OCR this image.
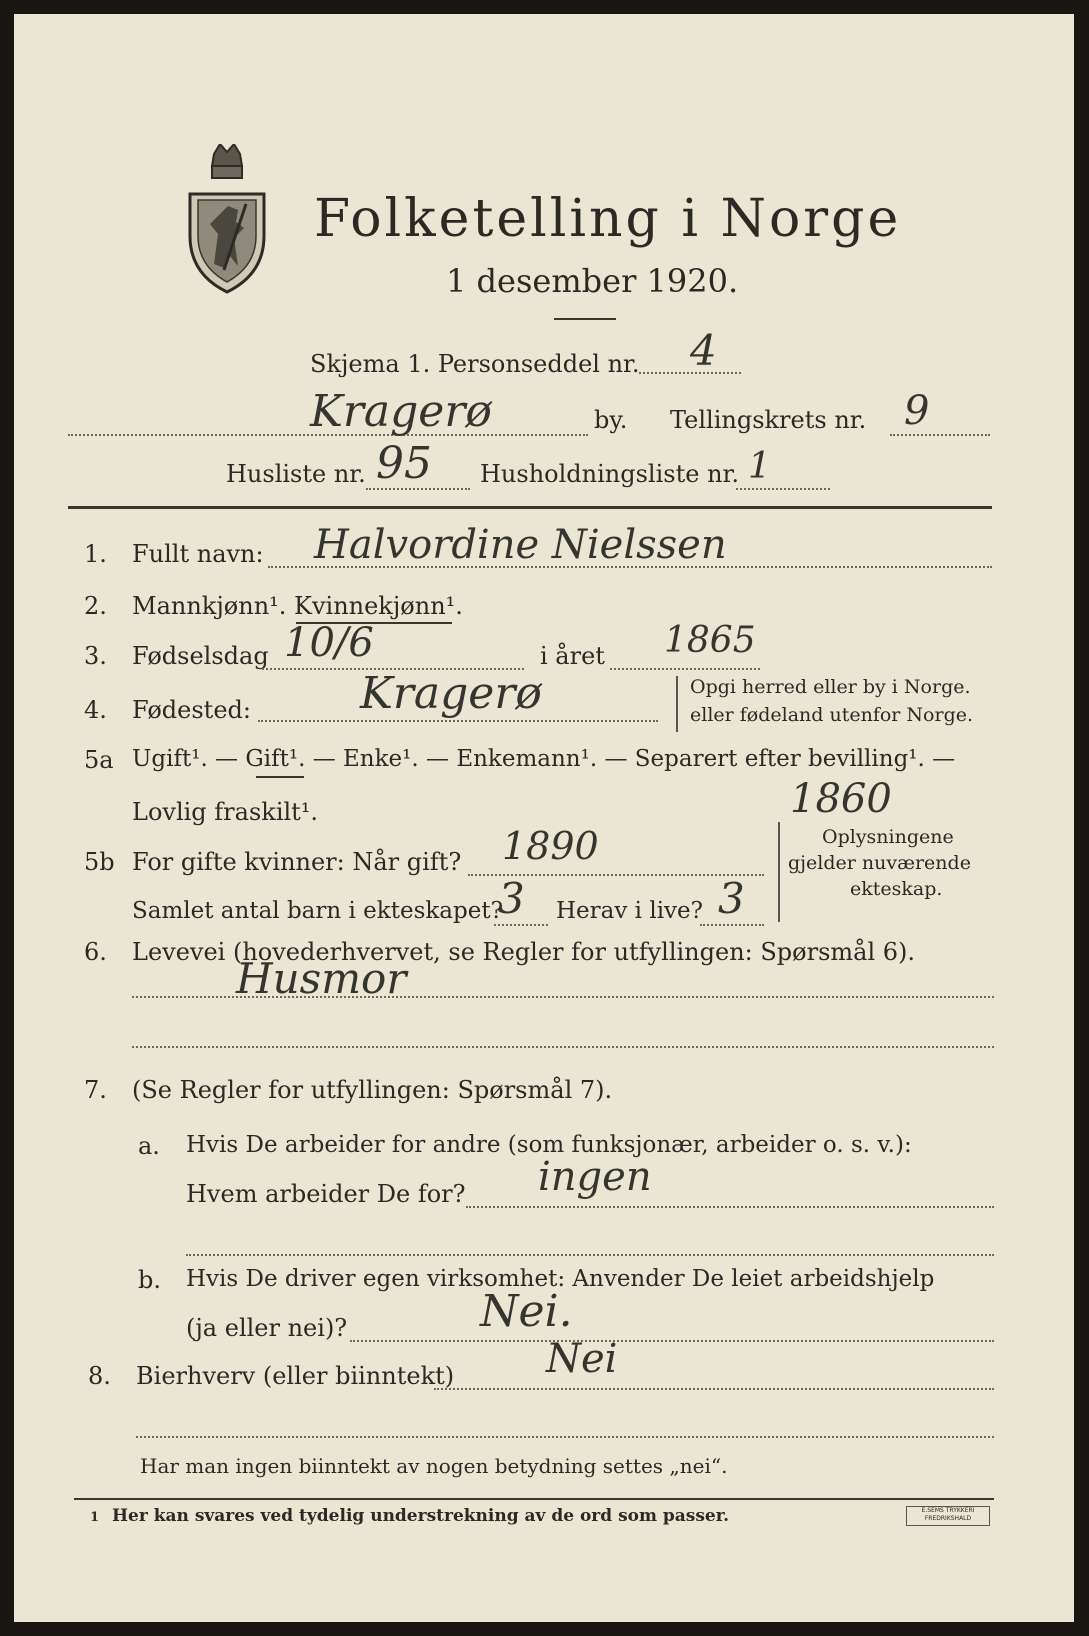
Folketelling i Norge
1 desember 1920.
Skjema 1. Personseddel nr. 4
Kragerø	by. Tellingskrets nr. 9
Husliste nr. 95 Husholdningsliste nr. 1
1. Fullt navn: Halvordine Nielssen
2. Mannkjønn¹. Kvinnekjønn¹.
3. Fødselsdag 10/6	i året 1865
4. Fødested: Kragerø	Opgi herred eller by i Norge.
eller fødeland utenfor Norge.
5a Ugift¹. — Gift¹. — Enke¹. — Enkemann¹. — Separert efter bevilling¹. —
Lovlig fraskilt¹.	1860
5b For gifte kvinner: Når gift? 1890
Samlet antal barn i ekteskapet?
3 Herav i live? 3
Oplysningene
gjelder nuværende
ekteskap.
6. Levevei (hovederhvervet, se Regler for utfyllingen: Spørsmål 6).
Husmor
7. (Se Regler for utfyllingen: Spørsmål 7).
a. Hvis De arbeider for andre (som funksjonær, arbeider o. s. v.):
Hvem arbeider De for? ingen
b. Hvis De driver egen virksomhet: Anvender De leiet arbeidshjelp
(ja eller nei)?	Nei.
8. Bierhverv (eller biinntekt) Nei
Har man ingen biinntekt av nogen betydning settes „nei“.
1 Her kan svares ved tydelig understrekning av de ord som passer.	E.SEMS TRYKKERI FREDRIKSHALD
